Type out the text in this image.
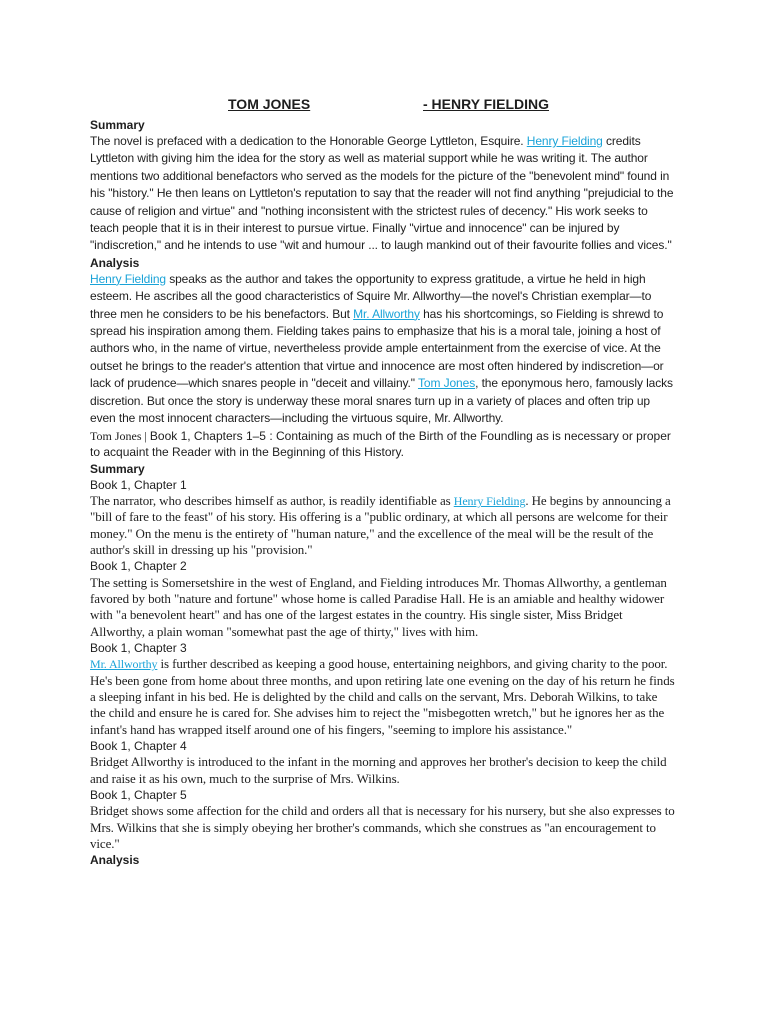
TOM JONES	- HENRY FIELDING
Summary

The novel is prefaced with a dedication to the Honorable George Lyttleton, Esquire. Henry Fielding credits Lyttleton with giving him the idea for the story as well as material support while he was writing it. The author mentions two additional benefactors who served as the models for the picture of the "benevolent mind" found in his "history." He then leans on Lyttleton's reputation to say that the reader will not find anything "prejudicial to the cause of religion and virtue" and "nothing inconsistent with the strictest rules of decency." His work seeks to teach people that it is in their interest to pursue virtue. Finally "virtue and innocence" can be injured by "indiscretion," and he intends to use "wit and humour ... to laugh mankind out of their favourite follies and vices."

Analysis

Henry Fielding speaks as the author and takes the opportunity to express gratitude, a virtue he held in high esteem. He ascribes all the good characteristics of Squire Mr. Allworthy—the novel's Christian exemplar—to three men he considers to be his benefactors. But Mr. Allworthy has his shortcomings, so Fielding is shrewd to spread his inspiration among them. Fielding takes pains to emphasize that his is a moral tale, joining a host of authors who, in the name of virtue, nevertheless provide ample entertainment from the exercise of vice. At the outset he brings to the reader's attention that virtue and innocence are most often hindered by indiscretion—or lack of prudence—which snares people in "deceit and villainy." Tom Jones, the eponymous hero, famously lacks discretion. But once the story is underway these moral snares turn up in a variety of places and often trip up even the most innocent characters—including the virtuous squire, Mr. Allworthy.

Tom Jones | Book 1, Chapters 1–5 : Containing as much of the Birth of the Foundling as is necessary or proper to acquaint the Reader with in the Beginning of this History.

Summary
Book 1, Chapter 1

The narrator, who describes himself as author, is readily identifiable as Henry Fielding. He begins by announcing a "bill of fare to the feast" of his story. His offering is a "public ordinary, at which all persons are welcome for their money." On the menu is the entirety of "human nature," and the excellence of the meal will be the result of the author's skill in dressing up his "provision."

Book 1, Chapter 2

The setting is Somersetshire in the west of England, and Fielding introduces Mr. Thomas Allworthy, a gentleman favored by both "nature and fortune" whose home is called Paradise Hall. He is an amiable and healthy widower with "a benevolent heart" and has one of the largest estates in the country. His single sister, Miss Bridget Allworthy, a plain woman "somewhat past the age of thirty," lives with him.

Book 1, Chapter 3

Mr. Allworthy is further described as keeping a good house, entertaining neighbors, and giving charity to the poor. He's been gone from home about three months, and upon retiring late one evening on the day of his return he finds a sleeping infant in his bed. He is delighted by the child and calls on the servant, Mrs. Deborah Wilkins, to take the child and ensure he is cared for. She advises him to reject the "misbegotten wretch," but he ignores her as the infant's hand has wrapped itself around one of his fingers, "seeming to implore his assistance."

Book 1, Chapter 4

Bridget Allworthy is introduced to the infant in the morning and approves her brother's decision to keep the child and raise it as his own, much to the surprise of Mrs. Wilkins.

Book 1, Chapter 5

Bridget shows some affection for the child and orders all that is necessary for his nursery, but she also expresses to Mrs. Wilkins that she is simply obeying her brother's commands, which she construes as "an encouragement to vice."

Analysis
